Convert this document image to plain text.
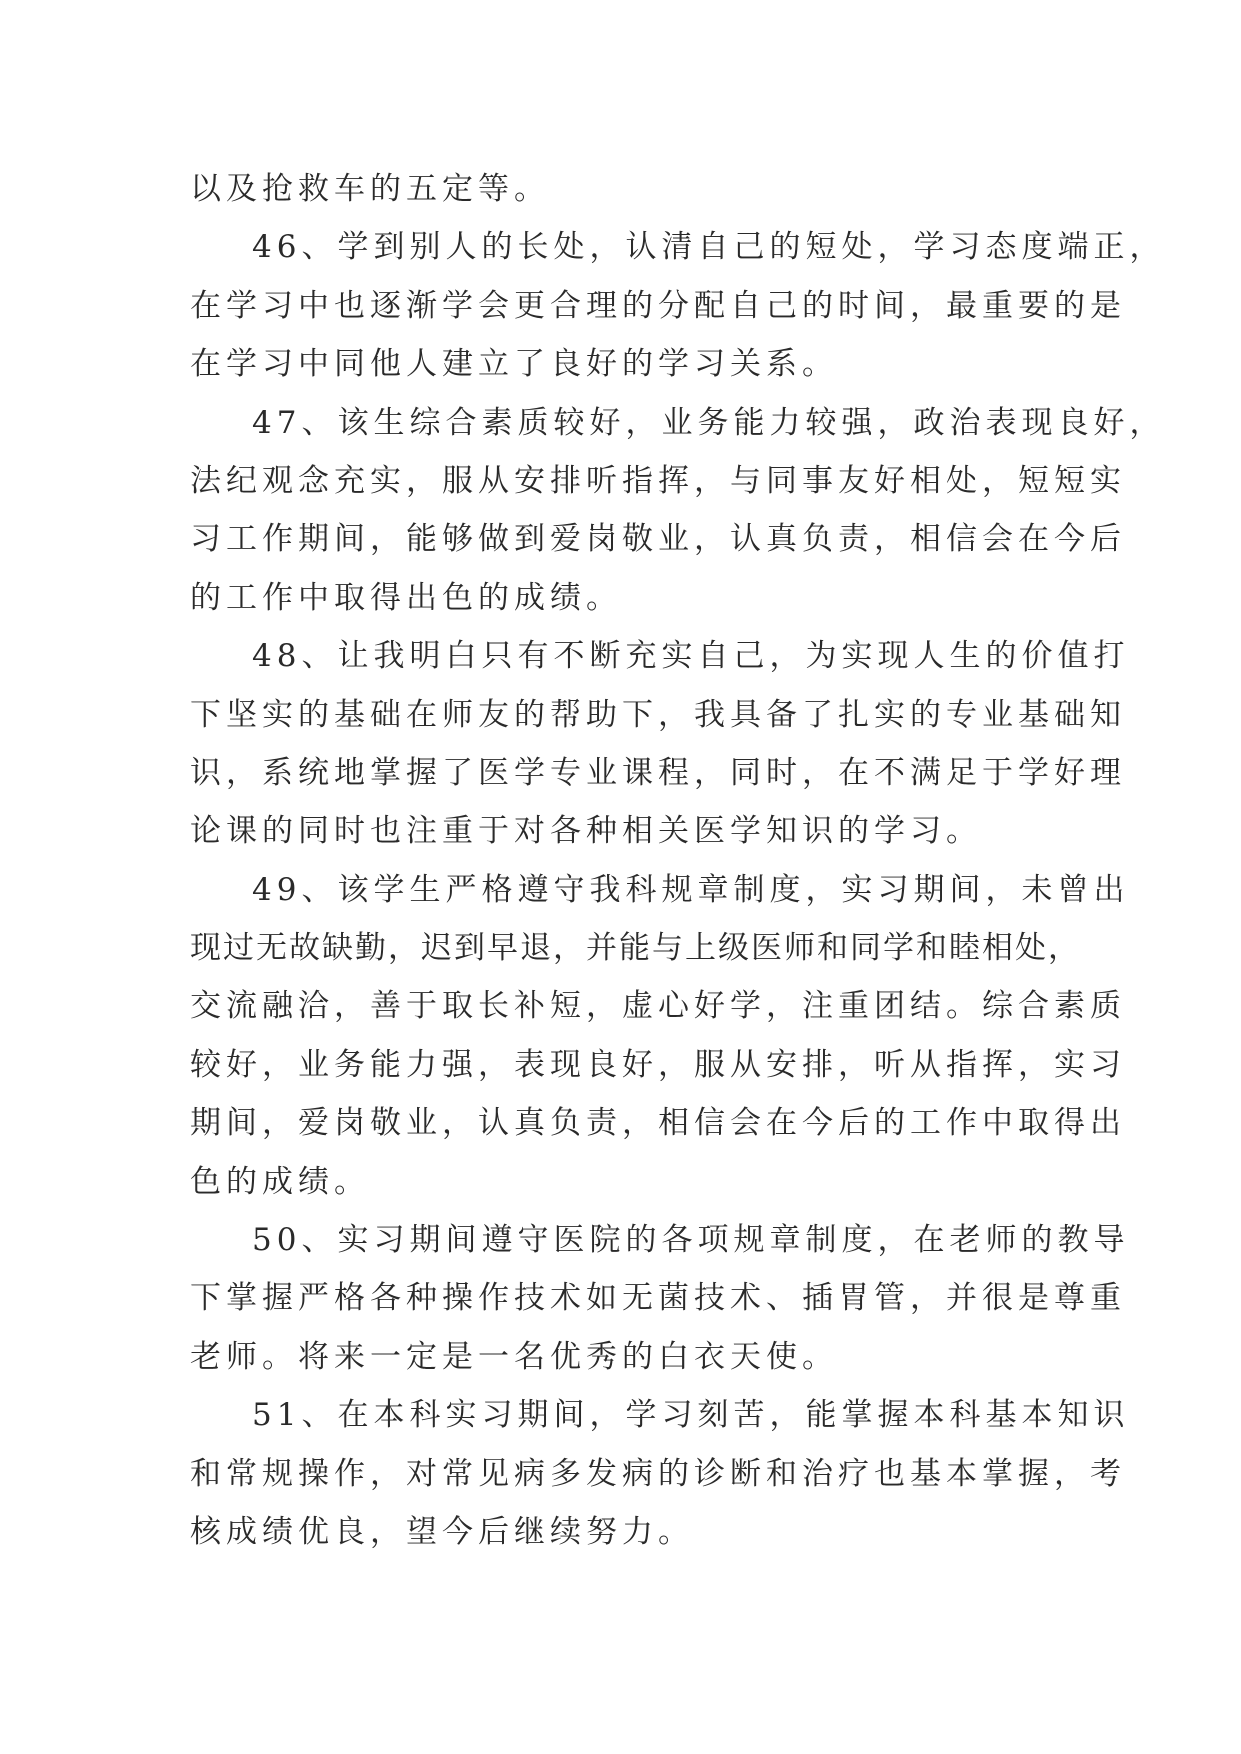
以及抢救车的五定等。
46、学到别人的长处，认清自己的短处，学习态度端正，
在学习中也逐渐学会更合理的分配自己的时间，最重要的是
在学习中同他人建立了良好的学习关系。
47、该生综合素质较好，业务能力较强，政治表现良好，
法纪观念充实，服从安排听指挥，与同事友好相处，短短实
习工作期间，能够做到爱岗敬业，认真负责，相信会在今后
的工作中取得出色的成绩。
48、让我明白只有不断充实自己，为实现人生的价值打
下坚实的基础在师友的帮助下，我具备了扎实的专业基础知
识，系统地掌握了医学专业课程，同时，在不满足于学好理
论课的同时也注重于对各种相关医学知识的学习。
49、该学生严格遵守我科规章制度，实习期间，未曾出
现过无故缺勤，迟到早退，并能与上级医师和同学和睦相处，
交流融洽，善于取长补短，虚心好学，注重团结。综合素质
较好，业务能力强，表现良好，服从安排，听从指挥，实习
期间，爱岗敬业，认真负责，相信会在今后的工作中取得出
色的成绩。
50、实习期间遵守医院的各项规章制度，在老师的教导
下掌握严格各种操作技术如无菌技术、插胃管，并很是尊重
老师。将来一定是一名优秀的白衣天使。
51、在本科实习期间，学习刻苦，能掌握本科基本知识
和常规操作，对常见病多发病的诊断和治疗也基本掌握，考
核成绩优良，望今后继续努力。
